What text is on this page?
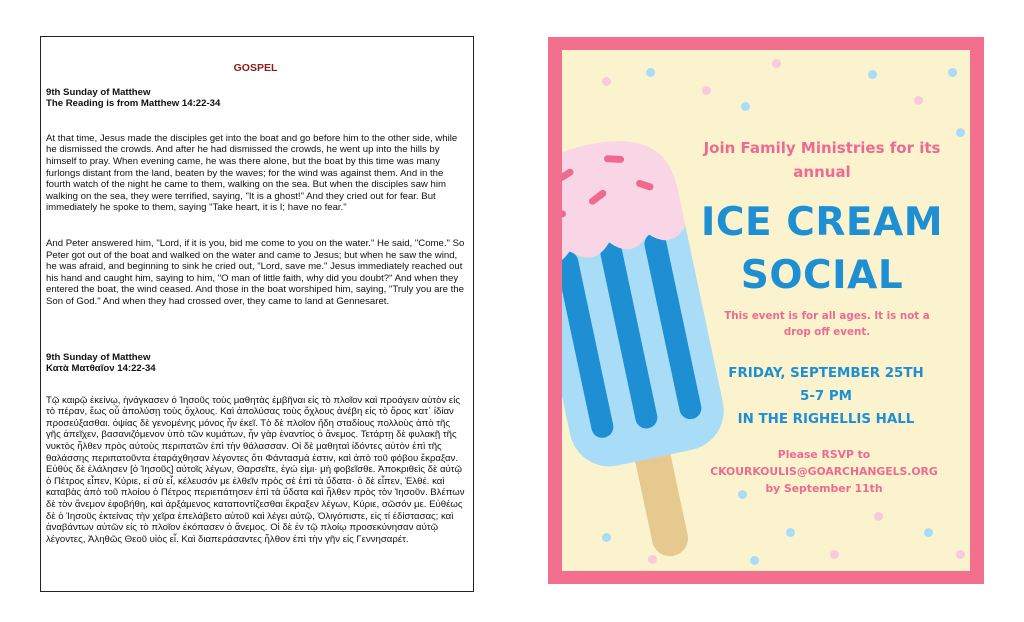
GOSPEL
9th Sunday of Matthew
The Reading is from Matthew 14:22-34

At that time, Jesus made the disciples get into the boat and go before him to the other side, while he dismissed the crowds. And after he had dismissed the crowds, he went up into the hills by himself to pray. When evening came, he was there alone, but the boat by this time was many furlongs distant from the land, beaten by the waves; for the wind was against them. And in the fourth watch of the night he came to them, walking on the sea. But when the disciples saw him walking on the sea, they were terrified, saying, "It is a ghost!" And they cried out for fear. But immediately he spoke to them, saying "Take heart, it is I; have no fear."

And Peter answered him, "Lord, if it is you, bid me come to you on the water." He said, "Come." So Peter got out of the boat and walked on the water and came to Jesus; but when he saw the wind, he was afraid, and beginning to sink he cried out, "Lord, save me." Jesus immediately reached out his hand and caught him, saying to him, "O man of little faith, why did you doubt?" And when they entered the boat, the wind ceased. And those in the boat worshiped him, saying, "Truly you are the Son of God." And when they had crossed over, they came to land at Gennesaret.

9th Sunday of Matthew
Κατὰ Ματθαῖον 14:22-34

Τῷ καιρῷ ἐκείνῳ, ἠνάγκασεν ὁ Ἰησοῦς τοὺς μαθητὰς ἐμβῆναι εἰς τὸ πλοῖον καὶ προάγειν αὐτὸν εἰς τὸ πέραν, ἕως οὗ ἀπολύσῃ τοὺς ὄχλους. Καὶ ἀπολύσας τοὺς ὄχλους ἀνέβη εἰς τὸ ὄρος κατ᾿ ἰδίαν προσεύξασθαι. ὀψίας δὲ γενομένης μόνος ἦν ἐκεῖ. Τὸ δὲ πλοῖον ἤδη σταδίους πολλοὺς ἀπὸ τῆς γῆς ἀπεῖχεν, βασανιζόμενον ὑπὸ τῶν κυμάτων, ἦν γὰρ ἐναντίος ὁ ἄνεμος. Τετάρτῃ δὲ φυλακῇ τῆς νυκτὸς ἦλθεν πρὸς αὐτοὺς περιπατῶν ἐπὶ τὴν θάλασσαν. Οἱ δὲ μαθηταὶ ἰδόντες αὐτὸν ἐπὶ τῆς θαλάσσης περιπατοῦντα ἐταράχθησαν λέγοντες ὅτι Φάντασμά ἐστιν, καὶ ἀπὸ τοῦ φόβου ἔκραξαν. Εὐθὺς δὲ ἐλάλησεν [ὁ Ἰησοῦς] αὐτοῖς λέγων, Θαρσεῖτε, ἐγώ εἰμι· μὴ φοβεῖσθε. Ἀποκριθεὶς δὲ αὐτῷ ὁ Πέτρος εἶπεν, Κύριε, εἰ σὺ εἶ, κέλευσόν με ἐλθεῖν πρὸς σὲ ἐπὶ τὰ ὕδατα· ὁ δὲ εἶπεν, Ἐλθέ. καὶ καταβὰς ἀπὸ τοῦ πλοίου ὁ Πέτρος περιεπάτησεν ἐπὶ τὰ ὕδατα καὶ ἦλθεν πρὸς τὸν Ἰησοῦν. Βλέπων δὲ τὸν ἄνεμον ἐφοβήθη, καὶ ἀρξάμενος καταποντίζεσθαι ἔκραξεν λέγων, Κύριε, σῶσόν με. Εὐθέως δὲ ὁ Ἰησοῦς ἐκτείνας τὴν χεῖρα ἐπελάβετο αὐτοῦ καὶ λέγει αὐτῷ, Ὀλιγόπιστε, εἰς τί ἐδίστασας; καὶ ἀναβάντων αὐτῶν εἰς τὸ πλοῖον ἐκόπασεν ὁ ἄνεμος. Οἱ δὲ ἐν τῷ πλοίῳ προσεκύνησαν αὐτῷ λέγοντες, Ἀληθῶς Θεοῦ υἱὸς εἶ. Καὶ διαπεράσαντες ἦλθον ἐπὶ τὴν γῆν εἰς Γεννησαρέτ.

Join Family Ministries for its
annual
ICE CREAM
SOCIAL
This event is for all ages. It is not a
drop off event.
FRIDAY, SEPTEMBER 25TH
5-7 PM
IN THE RIGHELLIS HALL
Please RSVP to
CKOURKOULIS@GOARCHANGELS.ORG
by September 11th
